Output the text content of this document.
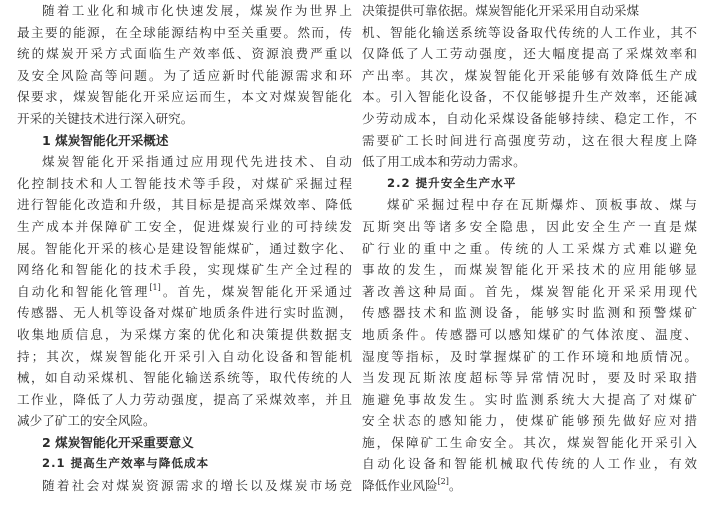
随着工业化和城市化快速发展，煤炭作为世界上
最主要的能源，在全球能源结构中至关重要。然而，传
统的煤炭开采方式面临生产效率低、资源浪费严重以
及安全风险高等问题。为了适应新时代能源需求和环
保要求，煤炭智能化开采应运而生，本文对煤炭智能化
开采的关键技术进行深入研究。
1 煤炭智能化开采概述
煤炭智能化开采指通过应用现代先进技术、自动
化控制技术和人工智能技术等手段，对煤矿采掘过程
进行智能化改造和升级，其目标是提高采煤效率、降低
生产成本并保障矿工安全，促进煤炭行业的可持续发
展。智能化开采的核心是建设智能煤矿，通过数字化、
网络化和智能化的技术手段，实现煤矿生产全过程的
自动化和智能化管理[1]。首先，煤炭智能化开采通过
传感器、无人机等设备对煤矿地质条件进行实时监测，
收集地质信息，为采煤方案的优化和决策提供数据支
持；其次，煤炭智能化开采引入自动化设备和智能机
械，如自动采煤机、智能化输送系统等，取代传统的人
工作业，降低了人力劳动强度，提高了采煤效率，并且
减少了矿工的安全风险。
2 煤炭智能化开采重要意义
2.1 提高生产效率与降低成本
随着社会对煤炭资源需求的增长以及煤炭市场竞
决策提供可靠依据。煤炭智能化开采采用自动采煤
机、智能化输送系统等设备取代传统的人工作业，其不
仅降低了人工劳动强度，还大幅度提高了采煤效率和
产出率。其次，煤炭智能化开采能够有效降低生产成
本。引入智能化设备，不仅能够提升生产效率，还能减
少劳动成本，自动化采煤设备能够持续、稳定工作，不
需要矿工长时间进行高强度劳动，这在很大程度上降
低了用工成本和劳动力需求。
2.2 提升安全生产水平
煤矿采掘过程中存在瓦斯爆炸、顶板事故、煤与
瓦斯突出等诸多安全隐患，因此安全生产一直是煤
矿行业的重中之重。传统的人工采煤方式难以避免
事故的发生，而煤炭智能化开采技术的应用能够显
著改善这种局面。首先，煤炭智能化开采采用现代
传感器技术和监测设备，能够实时监测和预警煤矿
地质条件。传感器可以感知煤矿的气体浓度、温度、
湿度等指标，及时掌握煤矿的工作环境和地质情况。
当发现瓦斯浓度超标等异常情况时，要及时采取措
施避免事故发生。实时监测系统大大提高了对煤矿
安全状态的感知能力，使煤矿能够预先做好应对措
施，保障矿工生命安全。其次，煤炭智能化开采引入
自动化设备和智能机械取代传统的人工作业，有效
降低作业风险[2]。
